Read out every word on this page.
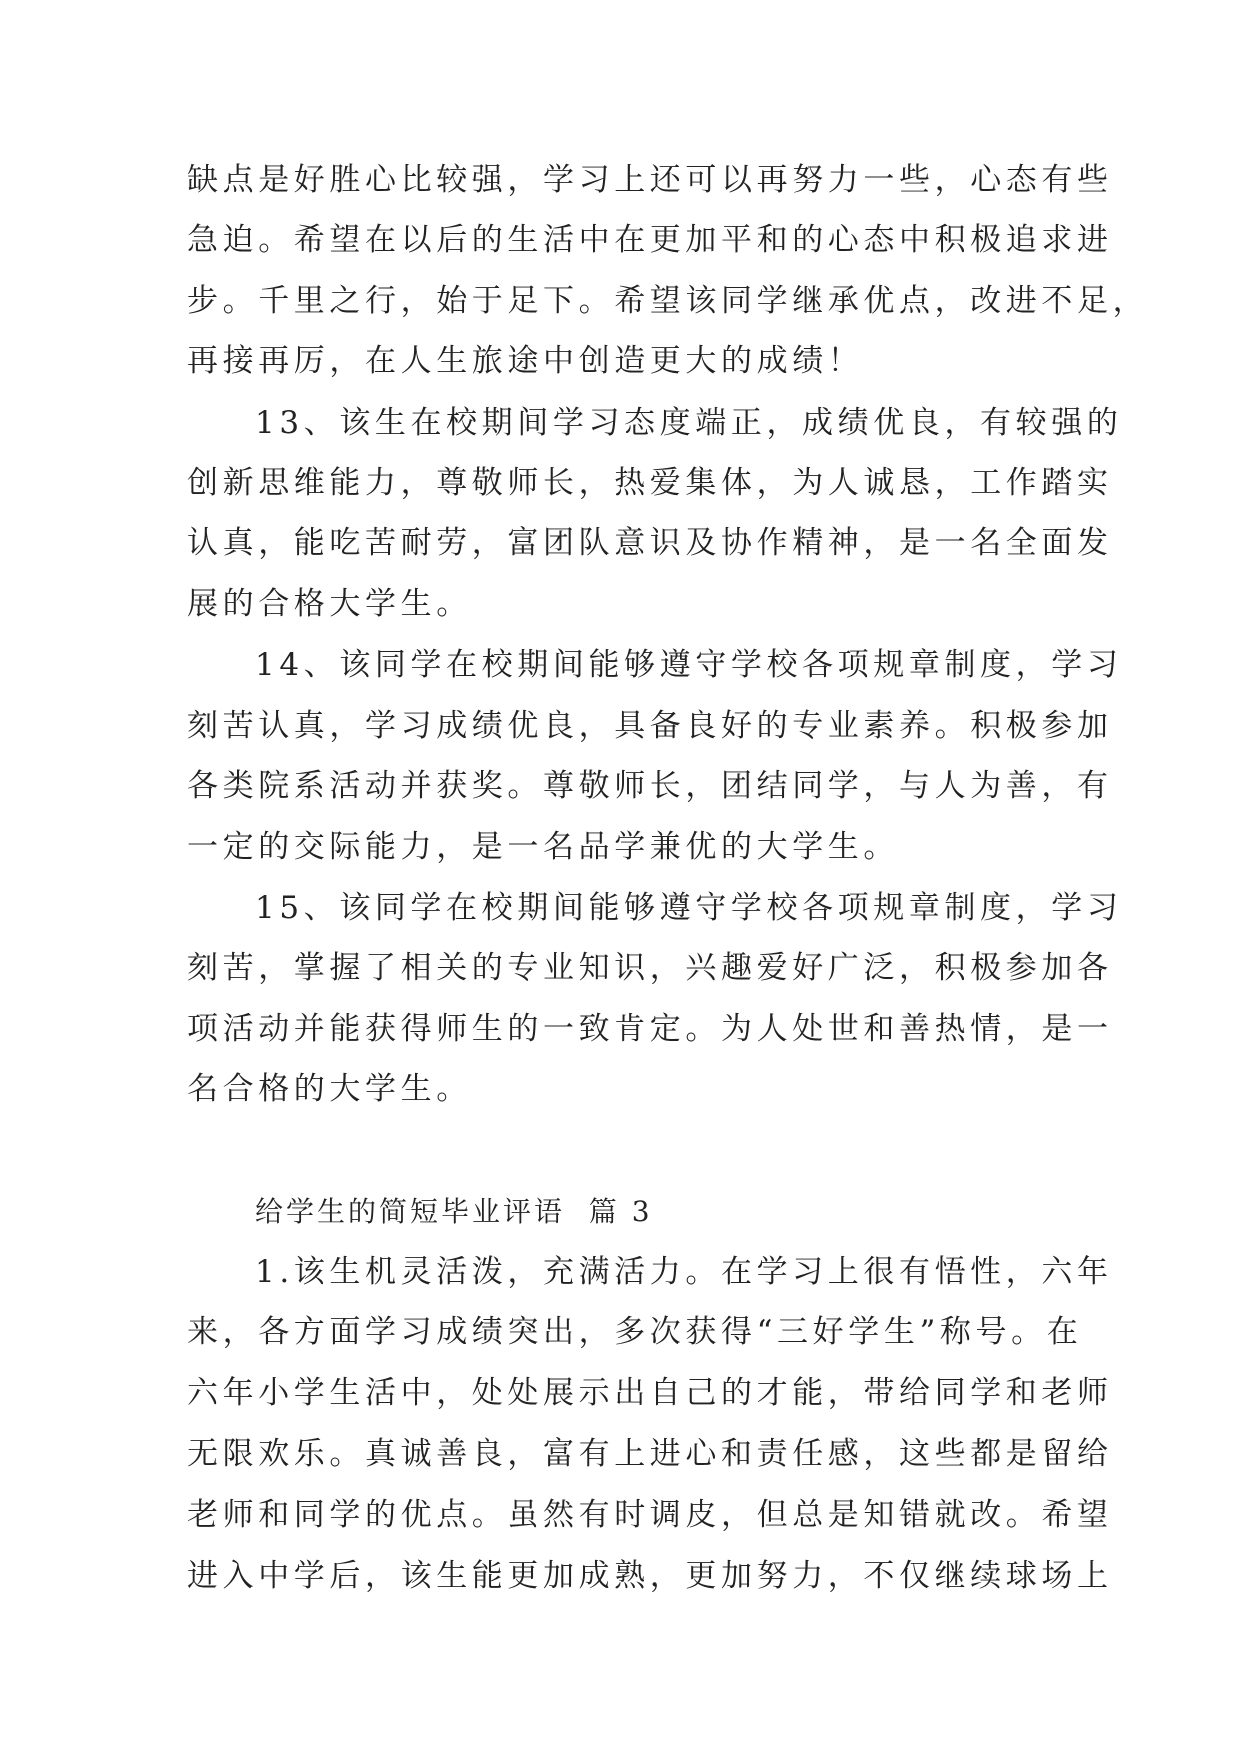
缺点是好胜心比较强，学习上还可以再努力一些，心态有些
急迫。希望在以后的生活中在更加平和的心态中积极追求进
步。千里之行，始于足下。希望该同学继承优点，改进不足，
再接再厉，在人生旅途中创造更大的成绩！
13、该生在校期间学习态度端正，成绩优良，有较强的
创新思维能力，尊敬师长，热爱集体，为人诚恳，工作踏实
认真，能吃苦耐劳，富团队意识及协作精神，是一名全面发
展的合格大学生。
14、该同学在校期间能够遵守学校各项规章制度，学习
刻苦认真，学习成绩优良，具备良好的专业素养。积极参加
各类院系活动并获奖。尊敬师长，团结同学，与人为善，有
一定的交际能力，是一名品学兼优的大学生。
15、该同学在校期间能够遵守学校各项规章制度，学习
刻苦，掌握了相关的专业知识，兴趣爱好广泛，积极参加各
项活动并能获得师生的一致肯定。为人处世和善热情，是一
名合格的大学生。
给学生的简短毕业评语  篇 3
1.该生机灵活泼，充满活力。在学习上很有悟性，六年
来，各方面学习成绩突出，多次获得“三好学生”称号。在
六年小学生活中，处处展示出自己的才能，带给同学和老师
无限欢乐。真诚善良，富有上进心和责任感，这些都是留给
老师和同学的优点。虽然有时调皮，但总是知错就改。希望
进入中学后，该生能更加成熟，更加努力，不仅继续球场上
